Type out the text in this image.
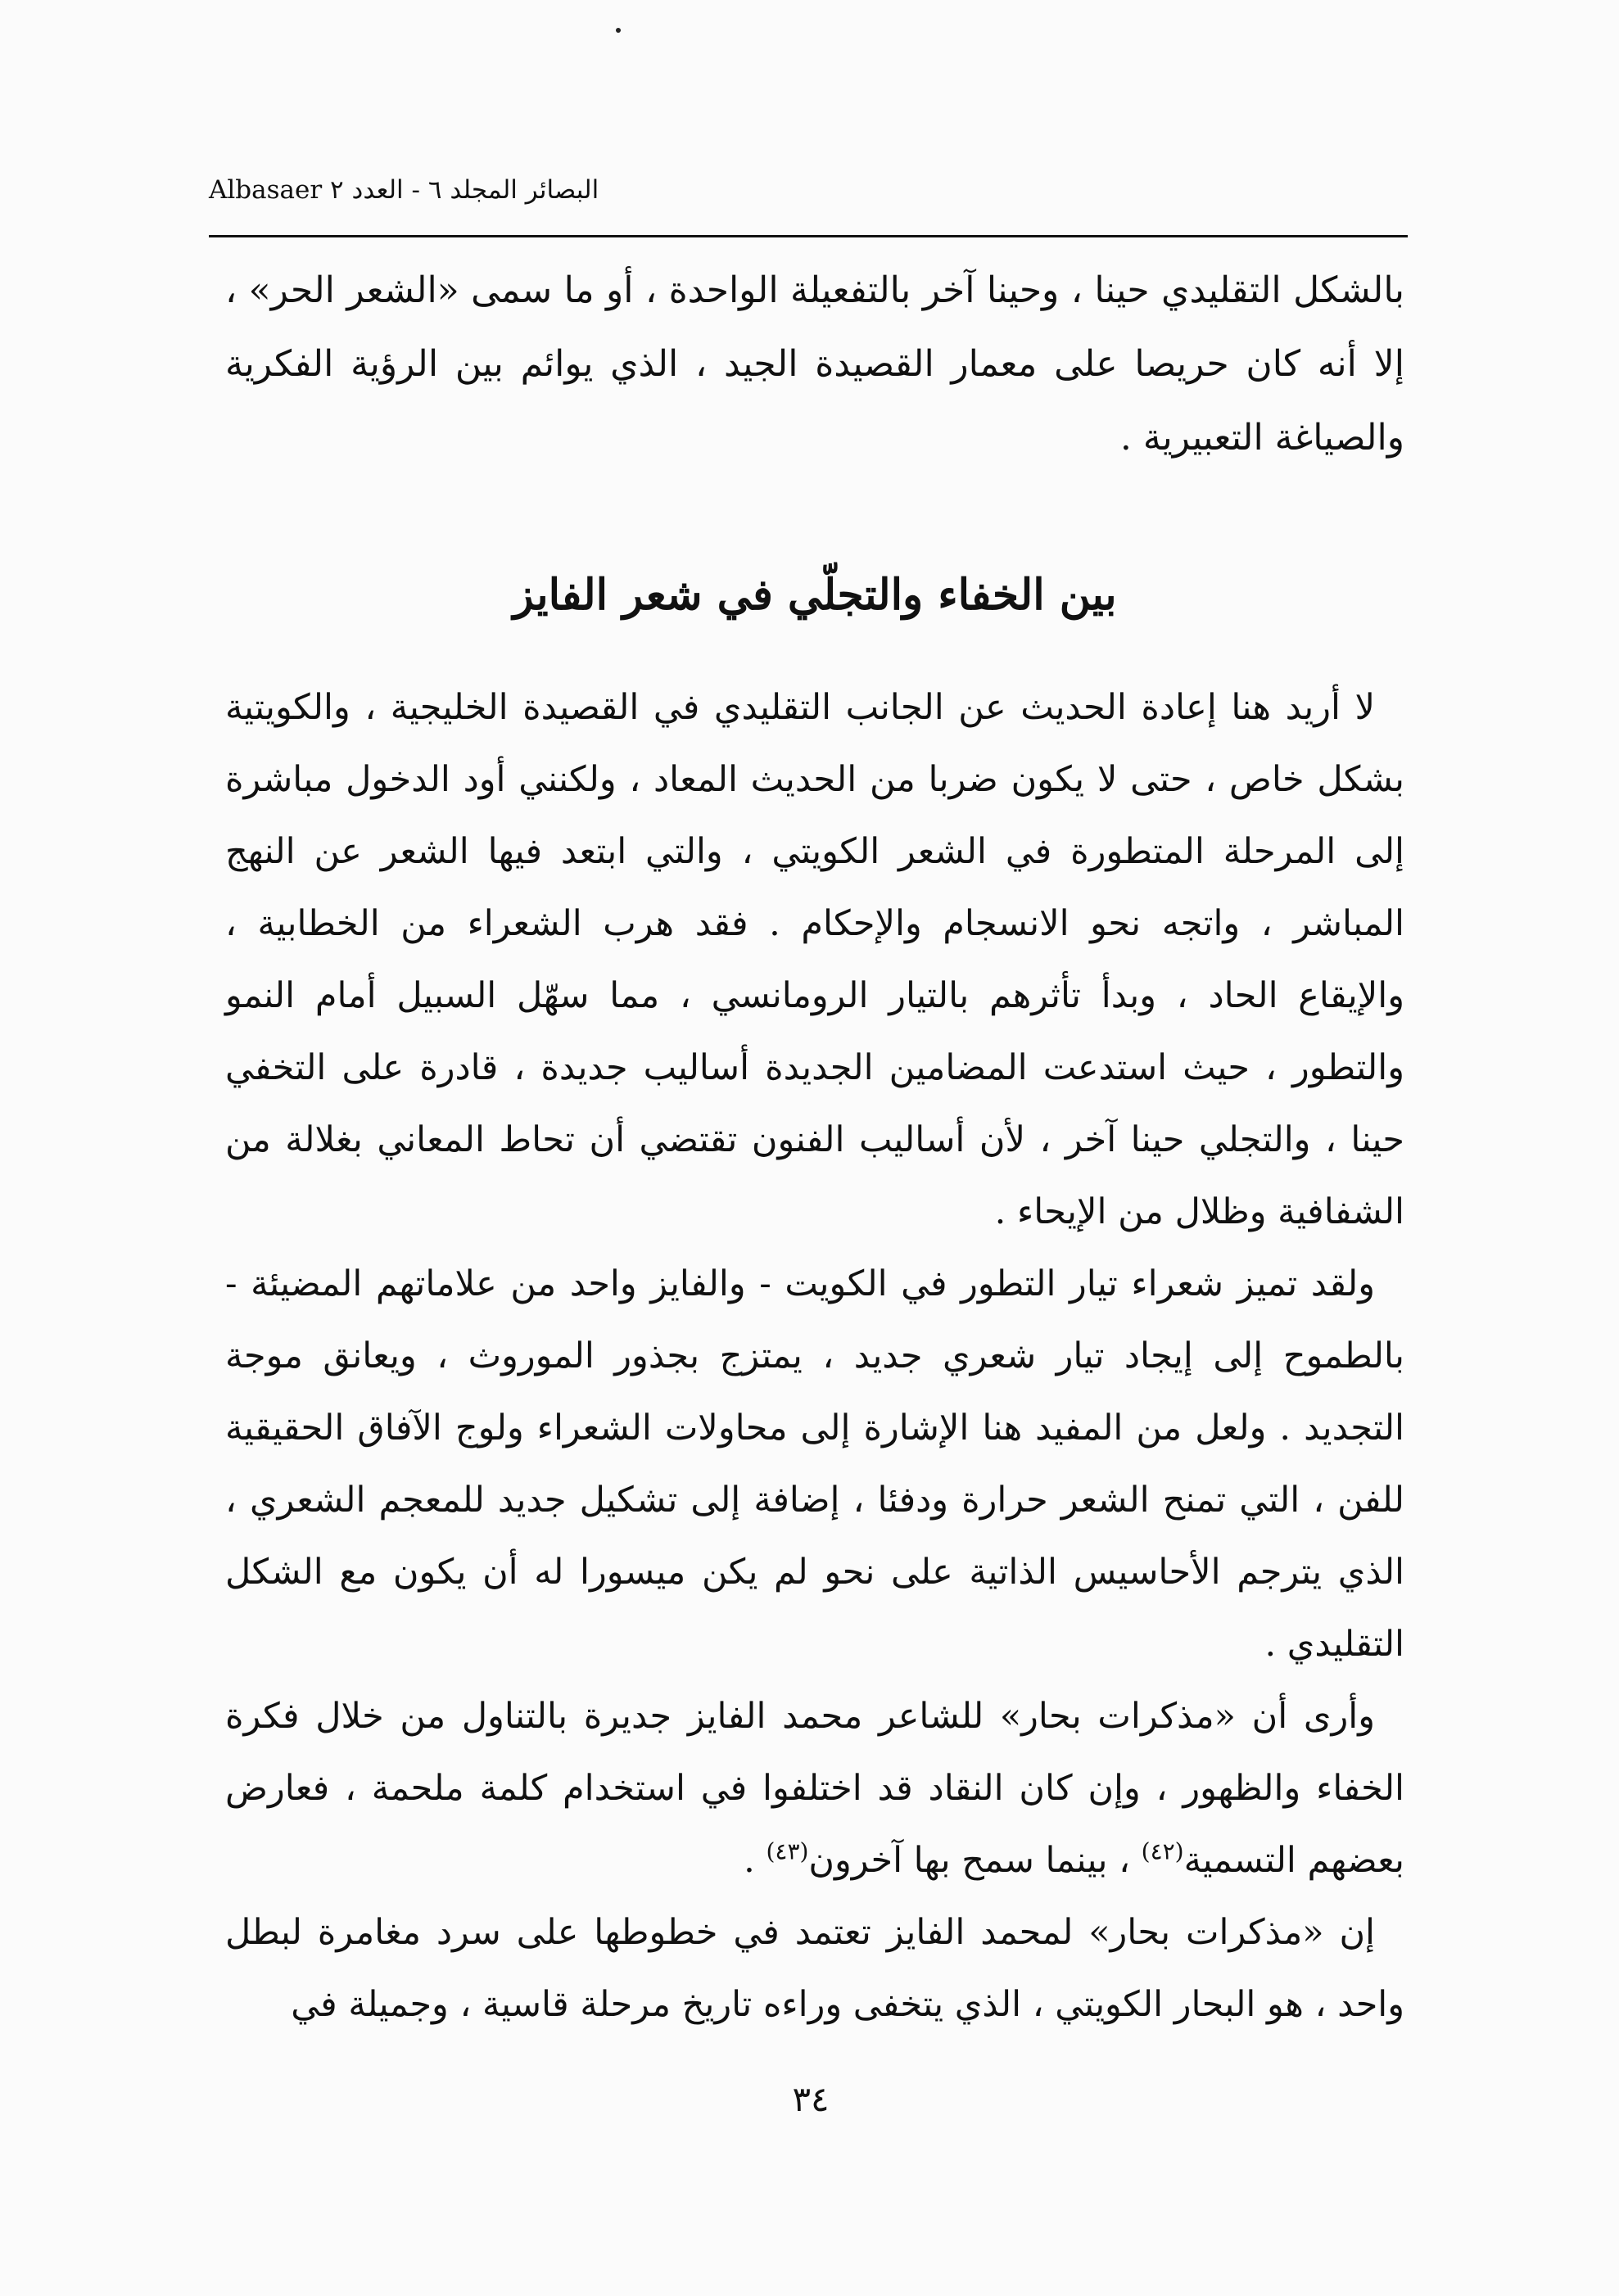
Albasaer البصائر المجلد ٦ - العدد ٢

بالشكل التقليدي حينا ، وحينا آخر بالتفعيلة الواحدة ، أو ما سمى «الشعر الحر» ، إلا أنه كان حريصا على معمار القصيدة الجيد ، الذي يوائم بين الرؤية الفكرية والصياغة التعبيرية .

بين الخفاء والتجلّي في شعر الفايز

لا أريد هنا إعادة الحديث عن الجانب التقليدي في القصيدة الخليجية ، والكويتية بشكل خاص ، حتى لا يكون ضربا من الحديث المعاد ، ولكنني أود الدخول مباشرة إلى المرحلة المتطورة في الشعر الكويتي ، والتي ابتعد فيها الشعر عن النهج المباشر ، واتجه نحو الانسجام والإحكام . فقد هرب الشعراء من الخطابية ، والإيقاع الحاد ، وبدأ تأثرهم بالتيار الرومانسي ، مما سهّل السبيل أمام النمو والتطور ، حيث استدعت المضامين الجديدة أساليب جديدة ، قادرة على التخفي حينا ، والتجلي حينا آخر ، لأن أساليب الفنون تقتضي أن تحاط المعاني بغلالة من الشفافية وظلال من الإيحاء .

ولقد تميز شعراء تيار التطور في الكويت - والفايز واحد من علاماتهم المضيئة - بالطموح إلى إيجاد تيار شعري جديد ، يمتزج بجذور الموروث ، ويعانق موجة التجديد . ولعل من المفيد هنا الإشارة إلى محاولات الشعراء ولوج الآفاق الحقيقية للفن ، التي تمنح الشعر حرارة ودفئا ، إضافة إلى تشكيل جديد للمعجم الشعري ، الذي يترجم الأحاسيس الذاتية على نحو لم يكن ميسورا له أن يكون مع الشكل التقليدي .

وأرى أن «مذكرات بحار» للشاعر محمد الفايز جديرة بالتناول من خلال فكرة الخفاء والظهور ، وإن كان النقاد قد اختلفوا في استخدام كلمة ملحمة ، فعارض بعضهم التسمية$^{(٤٢)}$ ، بينما سمح بها آخرون$^{(٤٣)}$ .

إن «مذكرات بحار» لمحمد الفايز تعتمد في خطوطها على سرد مغامرة لبطل واحد ، هو البحار الكويتي ، الذي يتخفى وراءه تاريخ مرحلة قاسية ، وجميلة في

٣٤
